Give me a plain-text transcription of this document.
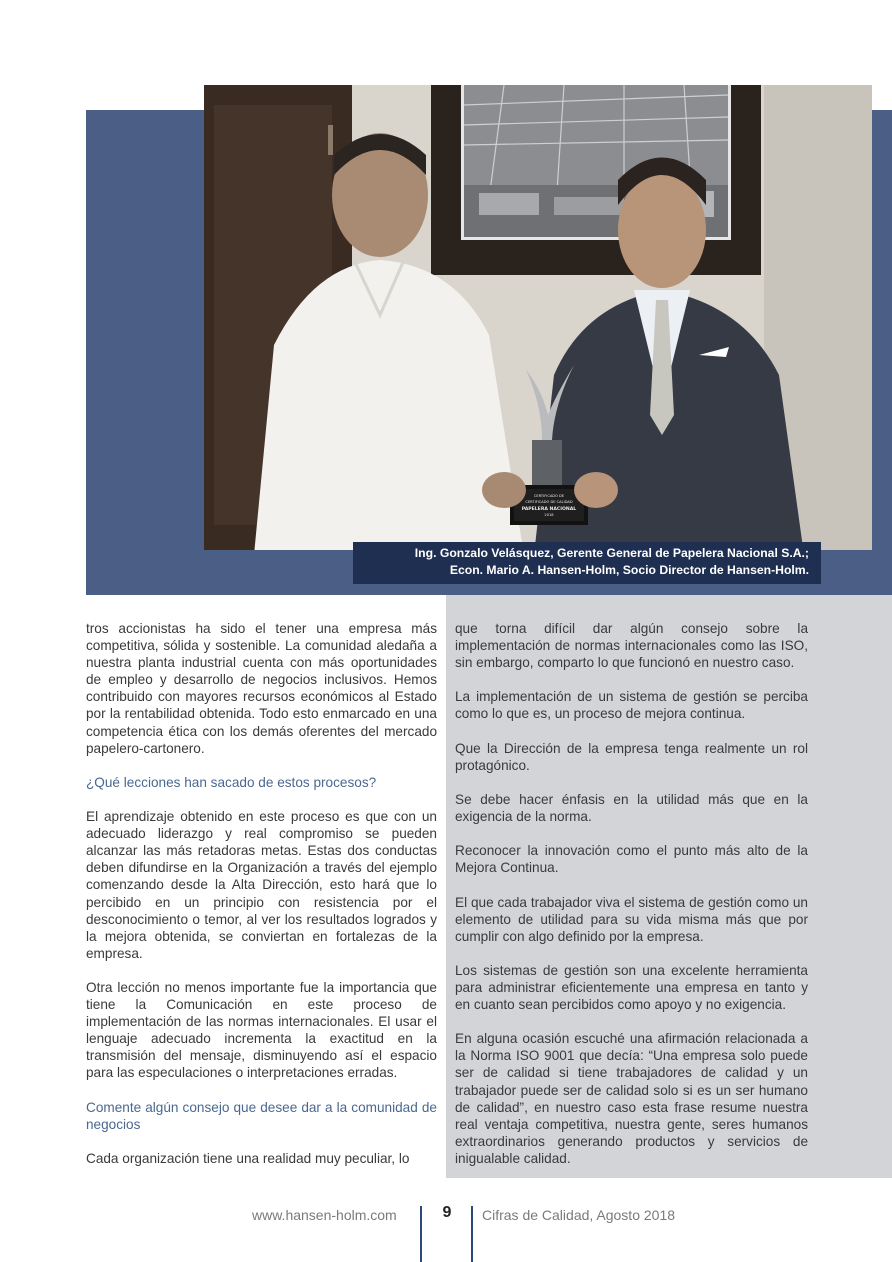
CERTIFICADO DE
CERTIFICADO DE CALIDAD
PAPELERA NACIONAL
2018
Ing. Gonzalo Velásquez, Gerente General de Papelera Nacional S.A.;
Econ. Mario A. Hansen-Holm, Socio Director de Hansen-Holm.

tros accionistas ha sido el tener una empresa más competitiva, sólida y sostenible. La comunidad aledaña a nuestra planta industrial cuenta con más oportunidades de empleo y desarrollo de negocios inclusivos. Hemos contribuido con mayores recursos económicos al Estado por la rentabilidad obtenida. Todo esto enmarcado en una competencia ética con los demás oferentes del mercado papelero-cartonero.

¿Qué lecciones han sacado de estos procesos?

El aprendizaje obtenido en este proceso es que con un adecuado liderazgo y real compromiso se pueden alcanzar las más retadoras metas. Estas dos conductas deben difundirse en la Organización a través del ejemplo comenzando desde la Alta Dirección, esto hará que lo percibido en un principio con resistencia por el desconocimiento o temor, al ver los resultados logrados y la mejora obtenida, se conviertan en fortalezas de la empresa.

Otra lección no menos importante fue la importancia que tiene la Comunicación en este proceso de implementación de las normas internacionales. El usar el lenguaje adecuado incrementa la exactitud en la transmisión del mensaje, disminuyendo así el espacio para las especulaciones o interpretaciones erradas.

Comente algún consejo que desee dar a la comunidad de negocios

Cada organización tiene una realidad muy peculiar, lo

que torna difícil dar algún consejo sobre la implementación de normas internacionales como las ISO, sin embargo, comparto lo que funcionó en nuestro caso.

La implementación de un sistema de gestión se perciba como lo que es, un proceso de mejora continua.

Que la Dirección de la empresa tenga realmente un rol protagónico.

Se debe hacer énfasis en la utilidad más que en la exigencia de la norma.

Reconocer la innovación como el punto más alto de la Mejora Continua.

El que cada trabajador viva el sistema de gestión como un elemento de utilidad para su vida misma más que por cumplir con algo definido por la empresa.

Los sistemas de gestión son una excelente herramienta para administrar eficientemente una empresa en tanto y en cuanto sean percibidos como apoyo y no exigencia.

En alguna ocasión escuché una afirmación relacionada a la Norma ISO 9001 que decía: “Una empresa solo puede ser de calidad si tiene trabajadores de calidad y un trabajador puede ser de calidad solo si es un ser humano de calidad”, en nuestro caso esta frase resume nuestra real ventaja competitiva, nuestra gente, seres humanos extraordinarios generando productos y servicios de inigualable calidad.

www.hansen-holm.com	9	Cifras de Calidad, Agosto 2018
